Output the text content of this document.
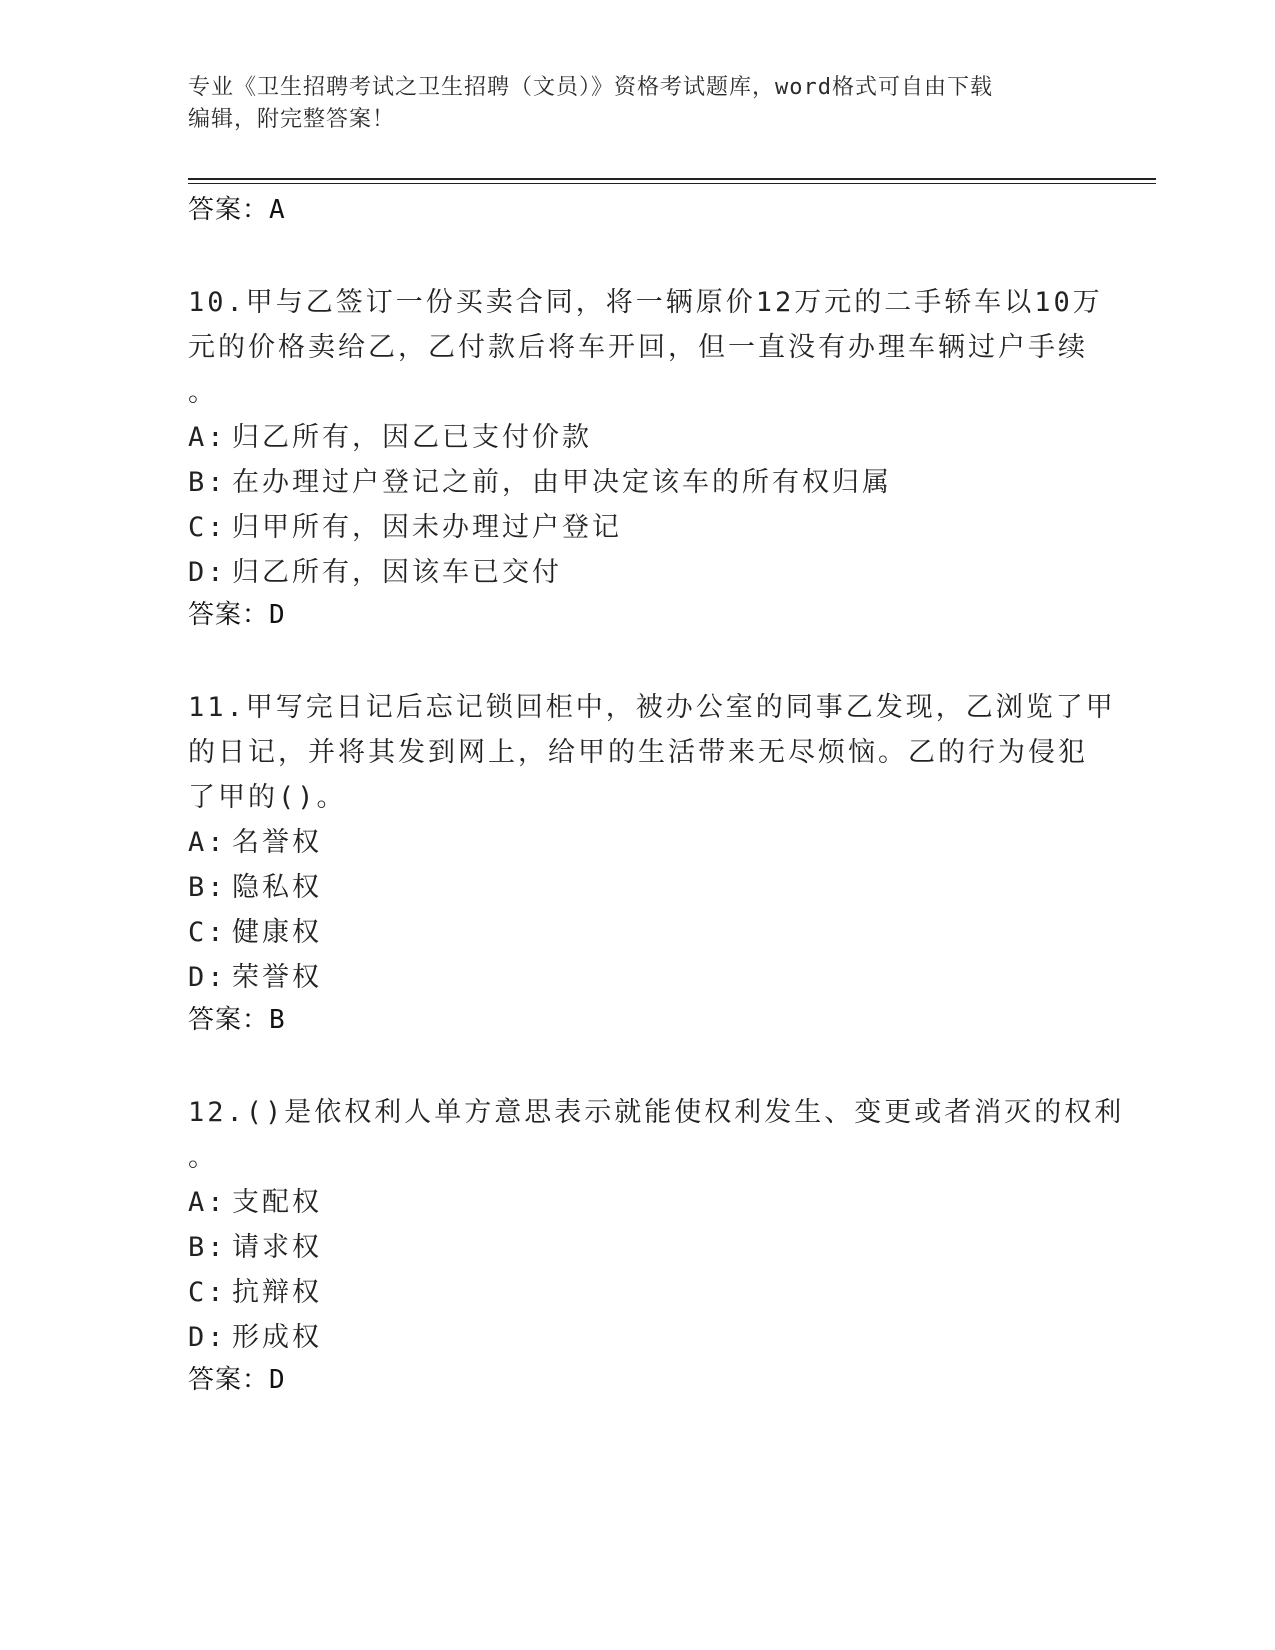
专业《卫生招聘考试之卫生招聘（文员）》资格考试题库，word格式可自由下载
编辑，附完整答案！
答案：A
10.甲与乙签订一份买卖合同，将一辆原价12万元的二手轿车以10万
元的价格卖给乙，乙付款后将车开回，但一直没有办理车辆过户手续
。
A: 归乙所有，因乙已支付价款
B: 在办理过户登记之前，由甲决定该车的所有权归属
C: 归甲所有，因未办理过户登记
D: 归乙所有，因该车已交付
答案：D
11.甲写完日记后忘记锁回柜中，被办公室的同事乙发现，乙浏览了甲
的日记，并将其发到网上，给甲的生活带来无尽烦恼。乙的行为侵犯
了甲的()。
A: 名誉权
B: 隐私权
C: 健康权
D: 荣誉权
答案：B
12.()是依权利人单方意思表示就能使权利发生、变更或者消灭的权利
。
A: 支配权
B: 请求权
C: 抗辩权
D: 形成权
答案：D
